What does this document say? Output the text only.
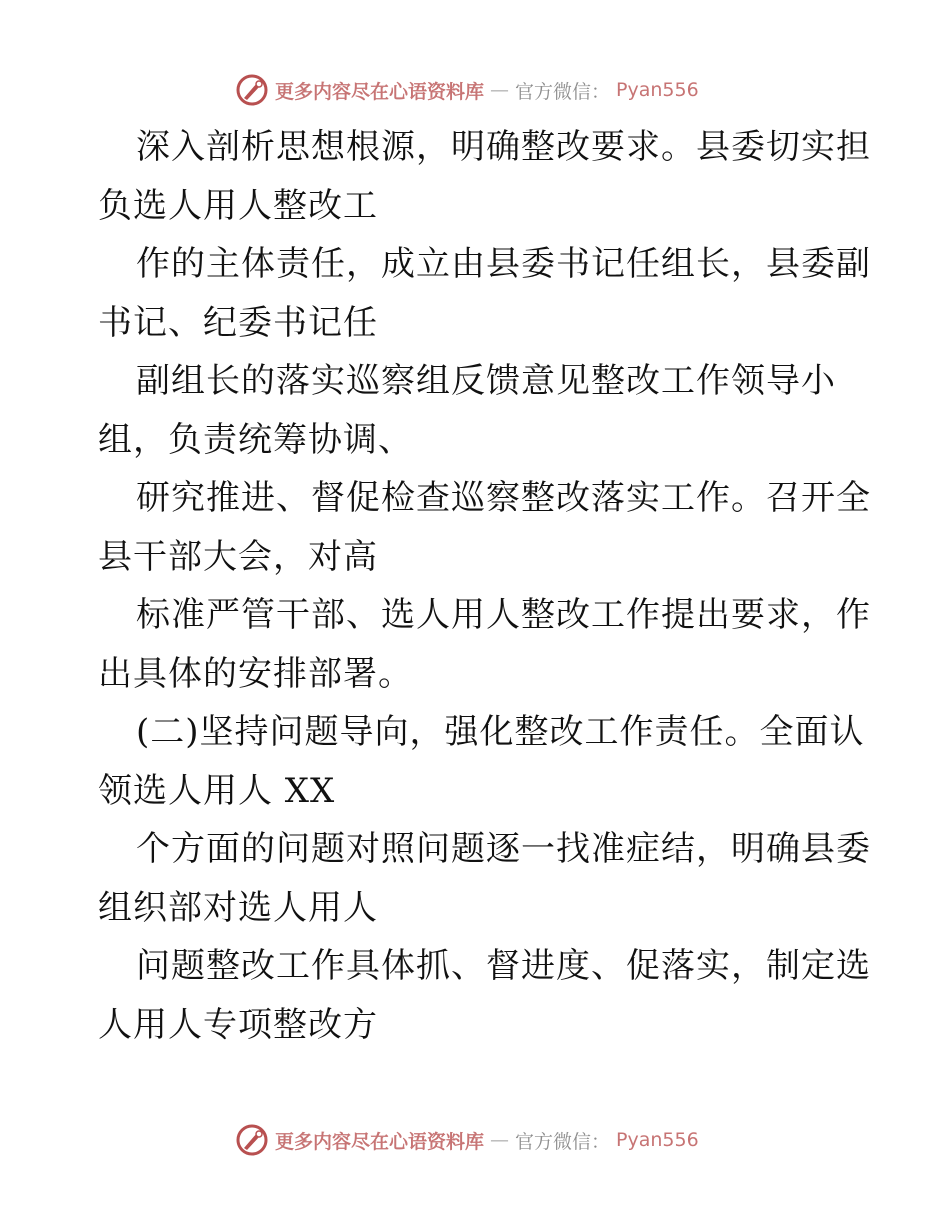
更多内容尽在心语资料库 — 官方微信： Pyan556
深入剖析思想根源，明确整改要求。县委切实担
负选人用人整改工
作的主体责任，成立由县委书记任组长，县委副
书记、纪委书记任
副组长的落实巡察组反馈意见整改工作领导小
组，负责统筹协调、
研究推进、督促检查巡察整改落实工作。召开全
县干部大会，对高
标准严管干部、选人用人整改工作提出要求，作
出具体的安排部署。
(二)坚持问题导向，强化整改工作责任。全面认
领选人用人 XX
个方面的问题对照问题逐一找准症结，明确县委
组织部对选人用人
问题整改工作具体抓、督进度、促落实，制定选
人用人专项整改方
更多内容尽在心语资料库 — 官方微信： Pyan556
